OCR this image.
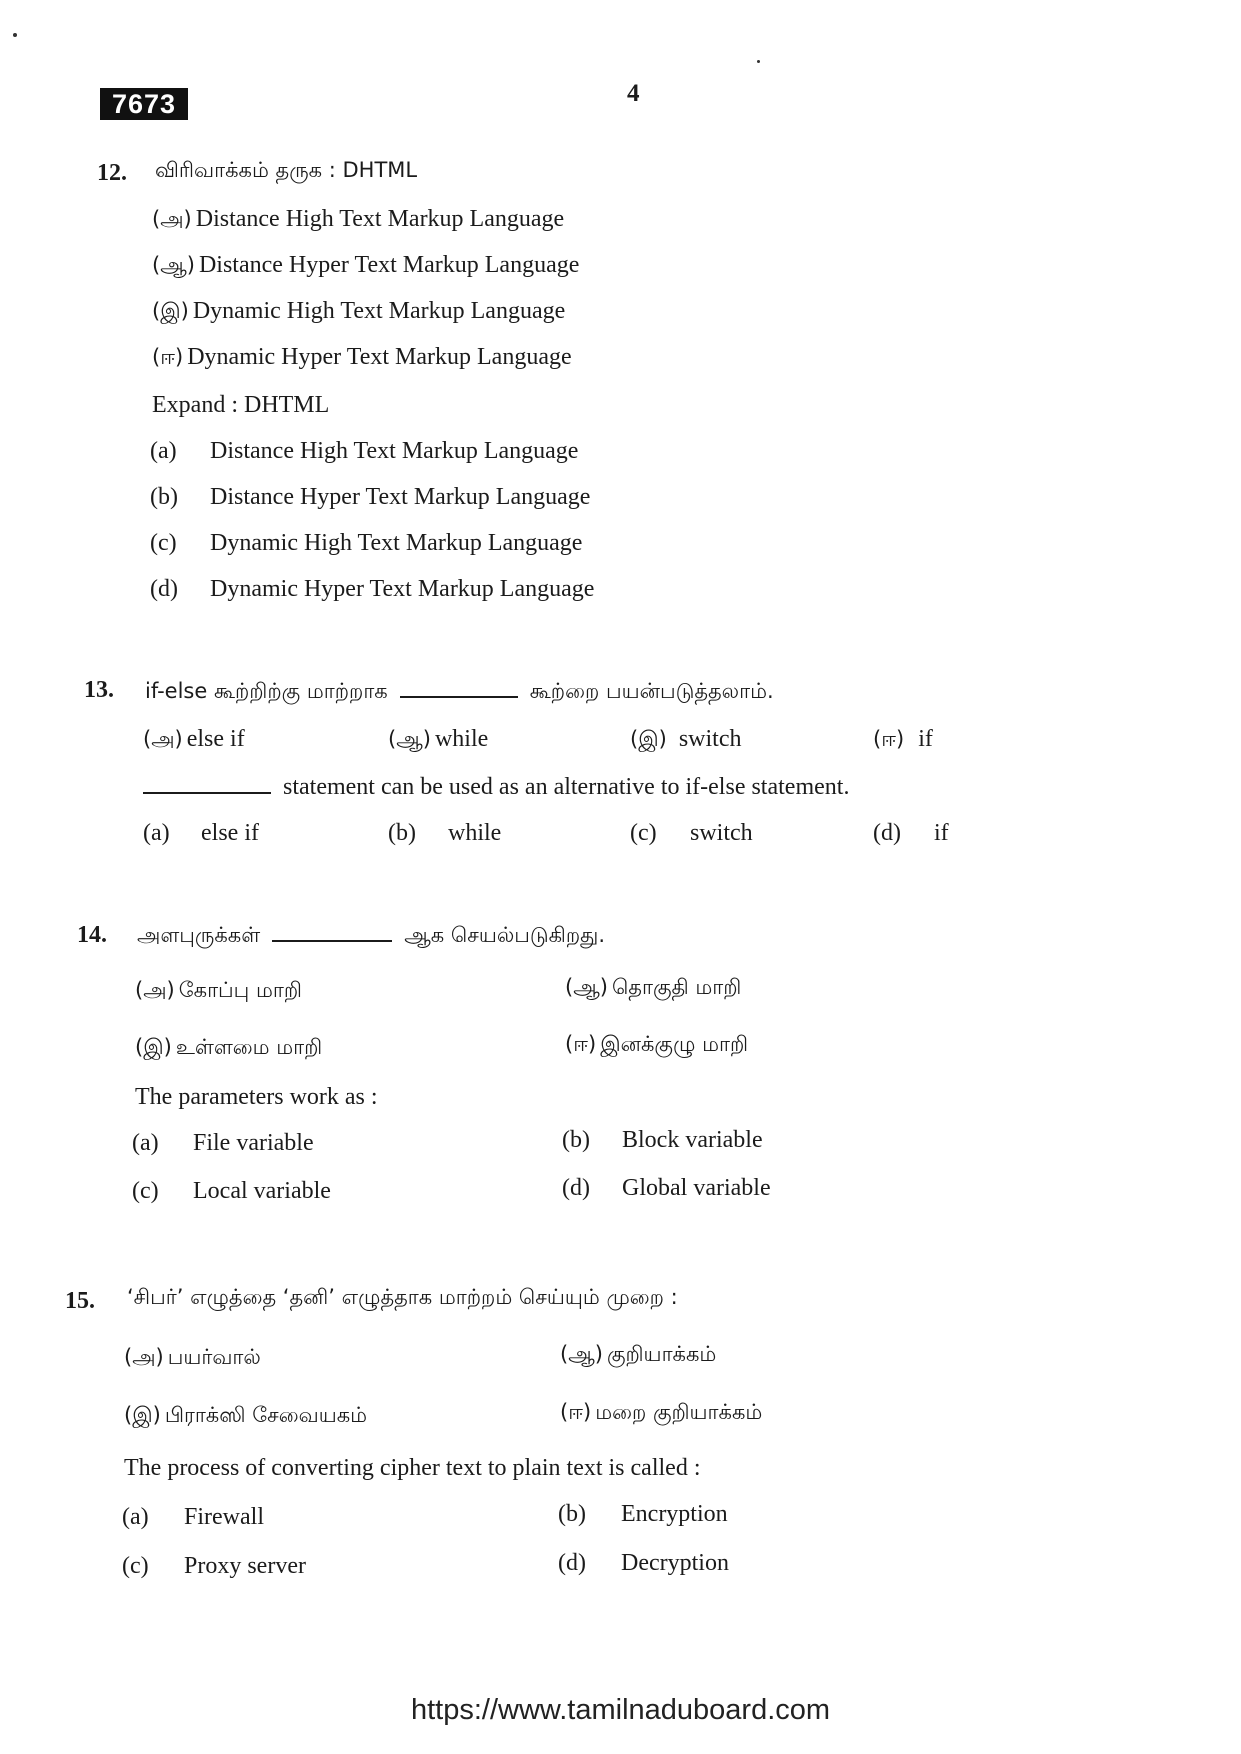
7673	4
12. விரிவாக்கம் தருக : DHTML
(அ) Distance High Text Markup Language
(ஆ) Distance Hyper Text Markup Language
(இ) Dynamic High Text Markup Language
(ஈ) Dynamic Hyper Text Markup Language
Expand : DHTML
(a) Distance High Text Markup Language
(b) Distance Hyper Text Markup Language
(c) Dynamic High Text Markup Language
(d) Dynamic Hyper Text Markup Language
13. if-else கூற்றிற்கு மாற்றாக	கூற்றை பயன்படுத்தலாம்.
(அ) else if	(ஆ) while	(இ) switch	(ஈ) if
statement can be used as an alternative to if-else statement.
(a) else if	(b) while	(c) switch	(d) if
14. அளபுருக்கள்	ஆக செயல்படுகிறது.
(அ) கோப்பு மாறி	(ஆ) தொகுதி மாறி
(இ) உள்ளமை மாறி	(ஈ) இனக்குழு மாறி
The parameters work as :
(a) File variable	(b) Block variable
(c) Local variable	(d) Global variable
15. ‘சிபர்’ எழுத்தை ‘தனி’ எழுத்தாக மாற்றம் செய்யும் முறை :
(அ) பயர்வால்	(ஆ) குறியாக்கம்
(இ) பிராக்ஸி சேவையகம்	(ஈ) மறை குறியாக்கம்
The process of converting cipher text to plain text is called :
(a) Firewall	(b) Encryption
(c) Proxy server	(d) Decryption
https://www.tamilnaduboard.com
